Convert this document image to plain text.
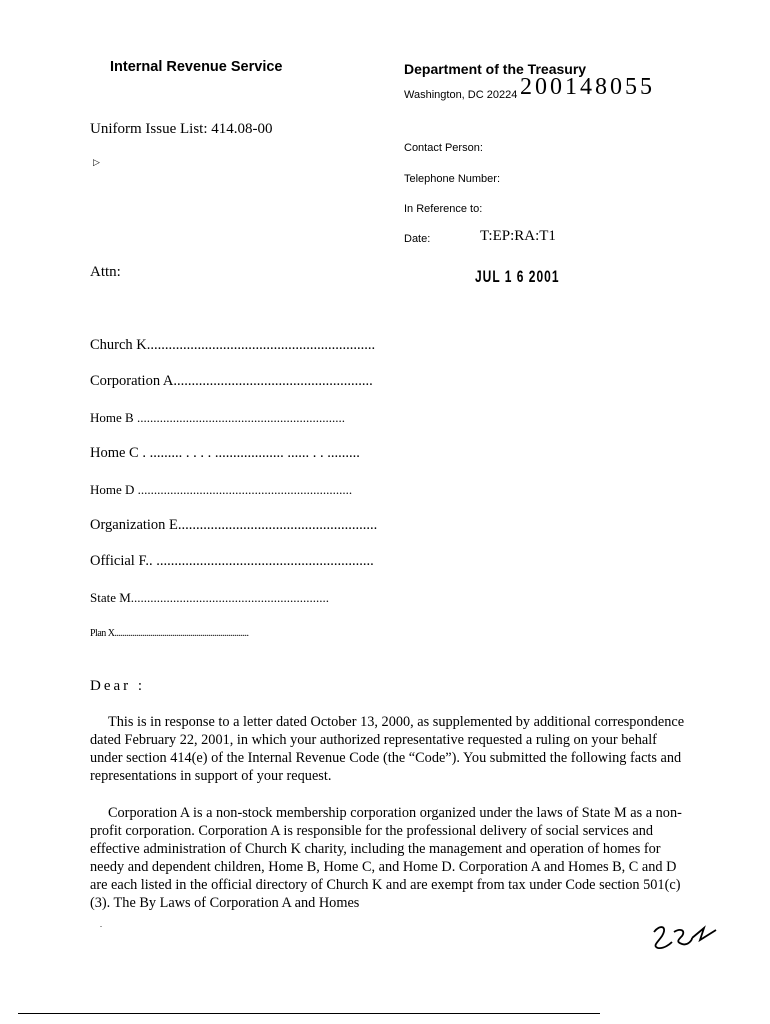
Internal Revenue Service	Department of the Treasury
Washington, DC 20224 200148055
Uniform Issue List: 414.08-00
▷
Contact Person:
Telephone Number:
In Reference to:
Date:	T:EP:RA:T1
JUL 1 6 2001
Attn:
Church K...............................................................
Corporation A.......................................................
Home B ................................................................
Home C . ......... . . . . ................... ...... . . .........
Home D ..................................................................
Organization E.......................................................
Official F.. ............................................................
State M.............................................................
Plan X...................................................................
Dear :

This is in response to a letter dated October 13, 2000, as supplemented by additional correspondence dated February 22, 2001, in which your authorized representative requested a ruling on your behalf under section 414(e) of the Internal Revenue Code (the “Code”). You submitted the following facts and representations in support of your request.

Corporation A is a non-stock membership corporation organized under the laws of State M as a non-profit corporation. Corporation A is responsible for the professional delivery of social services and effective administration of Church K charity, including the management and operation of homes for needy and dependent children, Home B, Home C, and Home D. Corporation A and Homes B, C and D are each listed in the official directory of Church K and are exempt from tax under Code section 501(c)(3). The By Laws of Corporation A and Homes

.
